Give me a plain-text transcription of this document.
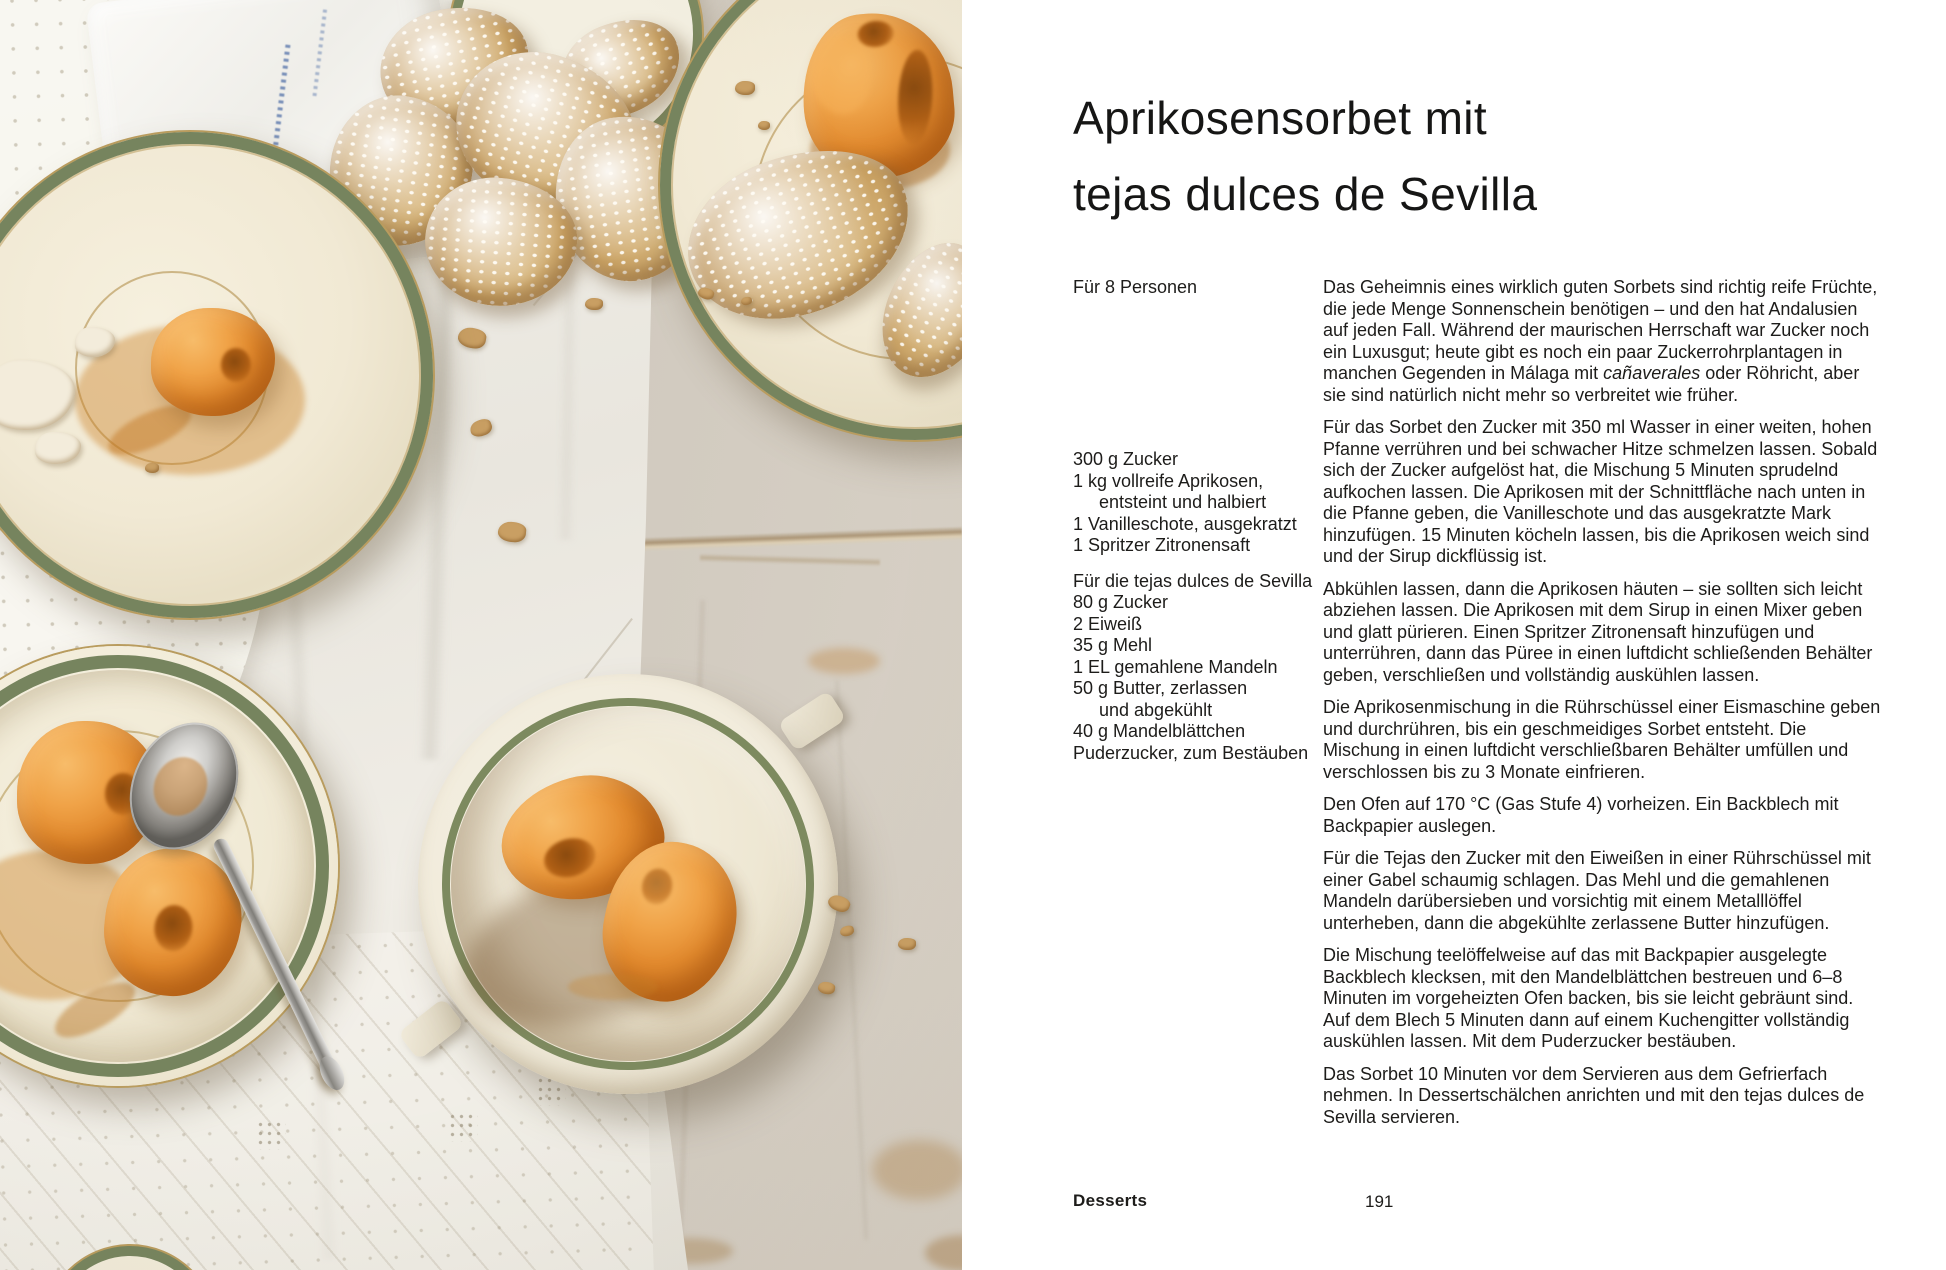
Aprikosensorbet mit
tejas dulces de Sevilla
Für 8 Personen
300 g Zucker
1 kg vollreife Aprikosen,
entsteint und halbiert
1 Vanilleschote, ausgekratzt
1 Spritzer Zitronensaft
Für die tejas dulces de Sevilla
80 g Zucker
2 Eiweiß
35 g Mehl
1 EL gemahlene Mandeln
50 g Butter, zerlassen
und abgekühlt
40 g Mandelblättchen
Puderzucker, zum Bestäuben

Das Geheimnis eines wirklich guten Sorbets sind richtig reife Früchte, die jede Menge Sonnenschein benötigen – und den hat Andalusien auf jeden Fall. Während der maurischen Herrschaft war Zucker noch ein Luxusgut; heute gibt es noch ein paar Zuckerrohrplantagen in manchen Gegenden in Málaga mit cañaverales oder Röhricht, aber sie sind natürlich nicht mehr so verbreitet wie früher.

Für das Sorbet den Zucker mit 350 ml Wasser in einer weiten, hohen Pfanne verrühren und bei schwacher Hitze schmelzen lassen. Sobald sich der Zucker aufgelöst hat, die Mischung 5 Minuten sprudelnd aufkochen lassen. Die Aprikosen mit der Schnittfläche nach unten in die Pfanne geben, die Vanilleschote und das ausgekratzte Mark hinzufügen. 15 Minuten köcheln lassen, bis die Aprikosen weich sind und der Sirup dickflüssig ist.

Abkühlen lassen, dann die Aprikosen häuten – sie sollten sich leicht abziehen lassen. Die Aprikosen mit dem Sirup in einen Mixer geben und glatt pürieren. Einen Spritzer Zitronensaft hinzufügen und unterrühren, dann das Püree in einen luftdicht schließenden Behälter geben, verschließen und vollständig auskühlen lassen.

Die Aprikosenmischung in die Rührschüssel einer Eismaschine geben und durchrühren, bis ein geschmeidiges Sorbet entsteht. Die Mischung in einen luftdicht verschließbaren Behälter umfüllen und verschlossen bis zu 3 Monate einfrieren.

Den Ofen auf 170 °C (Gas Stufe 4) vorheizen. Ein Backblech mit Backpapier auslegen.

Für die Tejas den Zucker mit den Eiweißen in einer Rührschüssel mit einer Gabel schaumig schlagen. Das Mehl und die gemahlenen Mandeln darübersieben und vorsichtig mit einem Metalllöffel unterheben, dann die abgekühlte zerlassene Butter hinzufügen.

Die Mischung teelöffelweise auf das mit Backpapier ausgelegte Backblech klecksen, mit den Mandelblättchen bestreuen und 6–8 Minuten im vorgeheizten Ofen backen, bis sie leicht gebräunt sind. Auf dem Blech 5 Minuten dann auf einem Kuchengitter vollständig auskühlen lassen. Mit dem Puderzucker bestäuben.

Das Sorbet 10 Minuten vor dem Servieren aus dem Gefrierfach nehmen. In Dessertschälchen anrichten und mit den tejas dulces de Sevilla servieren.

Desserts	191
